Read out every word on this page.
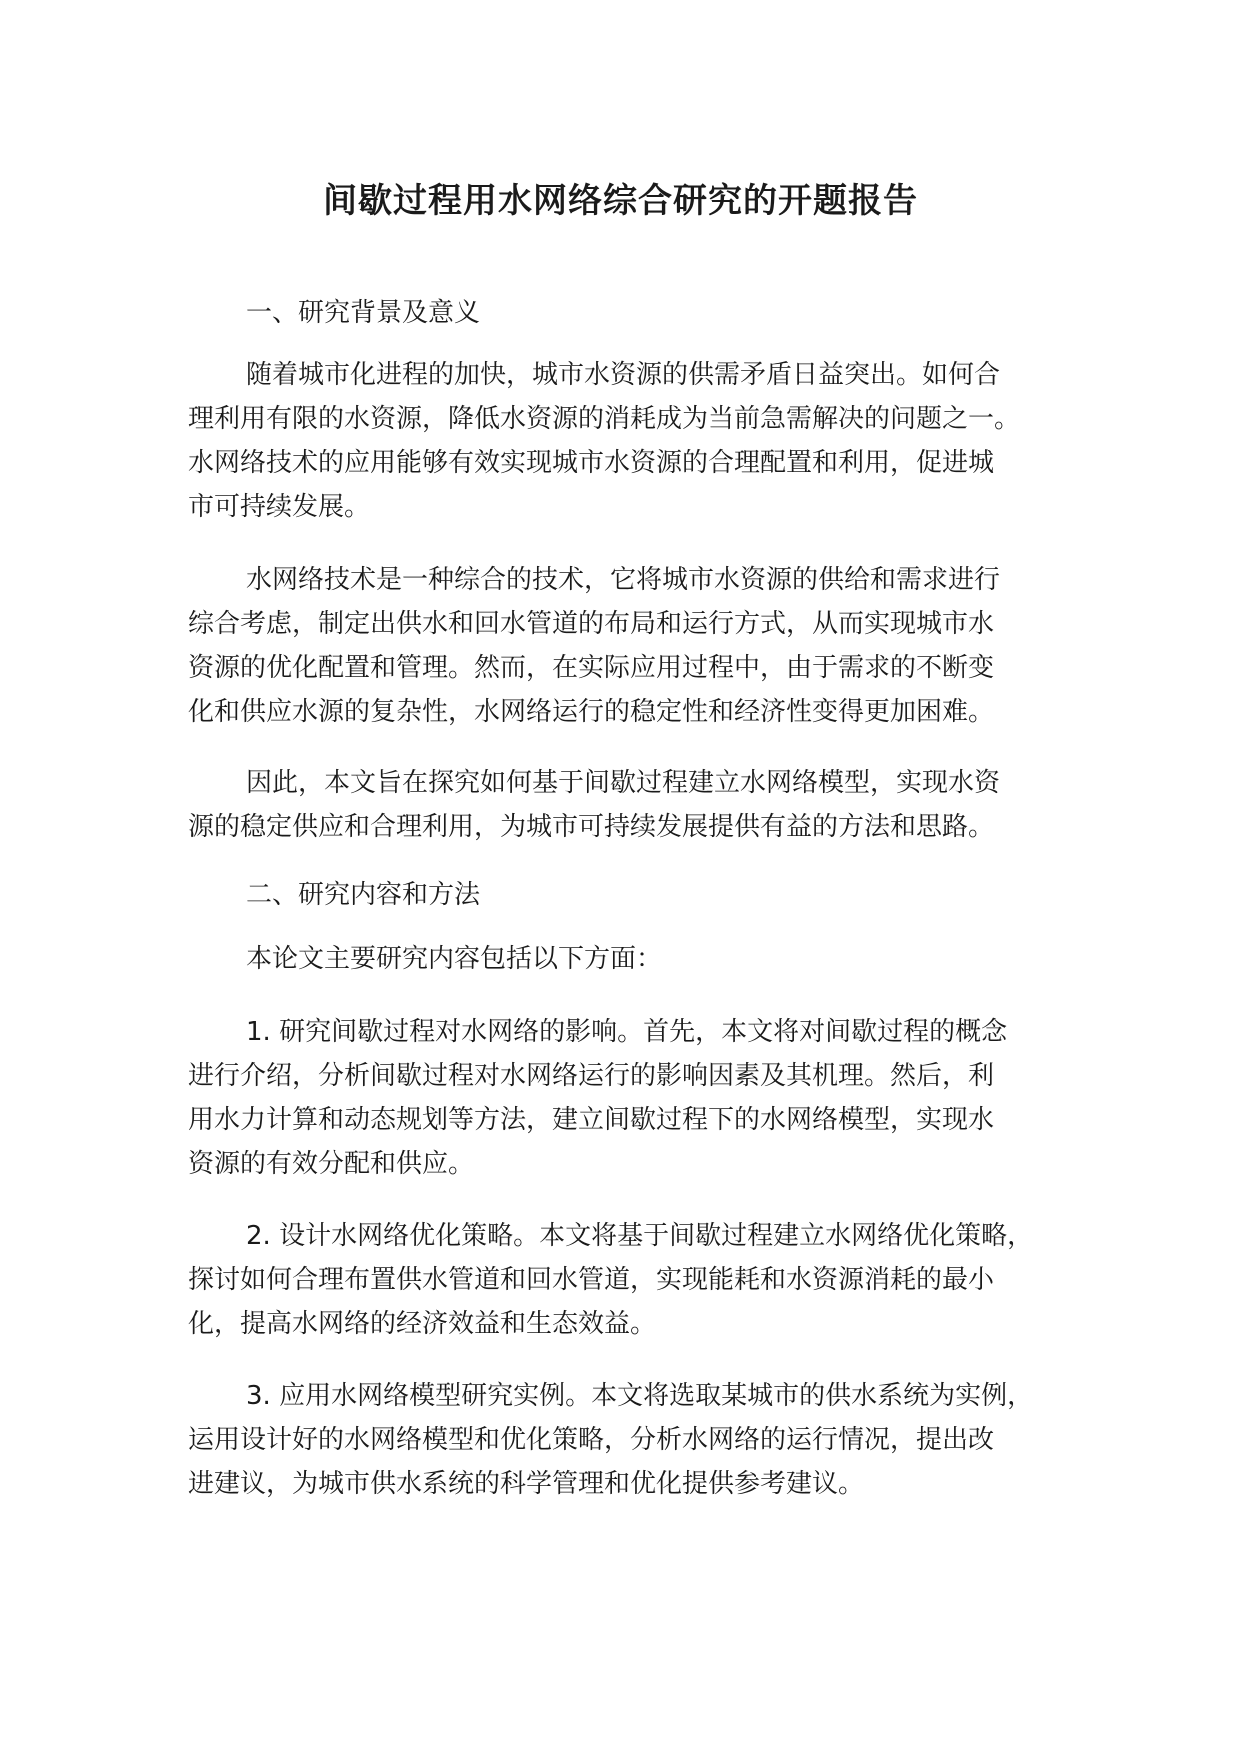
间歇过程用水网络综合研究的开题报告
一、研究背景及意义
随着城市化进程的加快，城市水资源的供需矛盾日益突出。如何合
理利用有限的水资源，降低水资源的消耗成为当前急需解决的问题之一。
水网络技术的应用能够有效实现城市水资源的合理配置和利用，促进城
市可持续发展。
水网络技术是一种综合的技术，它将城市水资源的供给和需求进行
综合考虑，制定出供水和回水管道的布局和运行方式，从而实现城市水
资源的优化配置和管理。然而，在实际应用过程中，由于需求的不断变
化和供应水源的复杂性，水网络运行的稳定性和经济性变得更加困难。
因此，本文旨在探究如何基于间歇过程建立水网络模型，实现水资
源的稳定供应和合理利用，为城市可持续发展提供有益的方法和思路。
二、研究内容和方法
本论文主要研究内容包括以下方面：
1. 研究间歇过程对水网络的影响。首先，本文将对间歇过程的概念
进行介绍，分析间歇过程对水网络运行的影响因素及其机理。然后，利
用水力计算和动态规划等方法，建立间歇过程下的水网络模型，实现水
资源的有效分配和供应。
2. 设计水网络优化策略。本文将基于间歇过程建立水网络优化策略，
探讨如何合理布置供水管道和回水管道，实现能耗和水资源消耗的最小
化，提高水网络的经济效益和生态效益。
3. 应用水网络模型研究实例。本文将选取某城市的供水系统为实例，
运用设计好的水网络模型和优化策略，分析水网络的运行情况，提出改
进建议，为城市供水系统的科学管理和优化提供参考建议。
